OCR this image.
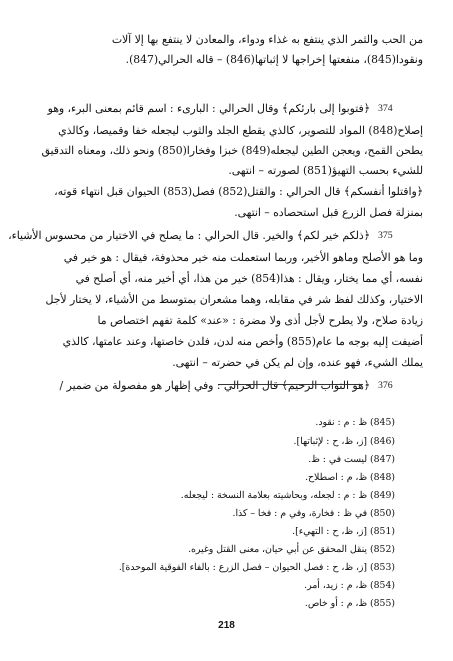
من الحب والثمر الذي ينتفع به غذاء ودواء، والمعادن لا ينتفع بها إلا آلات
ونقودا(845)، منفعتها إخراجها لا إثباتها(846) – قاله الحرالي(847).
374
﴿فتوبوا إلى بارئكم﴾ وقال الحرالي : البارىء : اسم قائم بمعنى البرء، وهو
إصلاح(848) المواد للتصوير، كالذي يقطع الجلد والثوب ليجعله خفا وقميصا، وكالذي
يطحن القمح، ويعجن الطين ليجعله(849) خبزا وفخارا(850) ونحو ذلك، ومعناه التدقيق
للشيء بحسب التهيؤ(851) لصورته – انتهى.
﴿واقتلوا أنفسكم﴾ قال الحرالي : والقتل(852) فصل(853) الحيوان قبل انتهاء قوته،
بمنزلة فصل الزرع قبل استحصاده – انتهى.
375
﴿ذلكم خير لكم﴾ والخير. قال الحرالي : ما يصلح في الاختيار من محسوس الأشياء،
وما هو الأصلح وماهو الأخير، وربما استعملت منه خير محذوفة، فيقال : هو خير في
نفسه، أي مما يختار، ويقال : هذا(854) خير من هذا، أي أخير منه، أي أصلح في
الاختيار، وكذلك لفظ شر في مقابله، وهما مشعران بمتوسط من الأشياء، لا يختار لأجل
زيادة صلاح، ولا يطرح لأجل أذى ولا مضرة : «عند» كلمة تفهم اختصاص ما
أضيفت إليه بوجه ما عام(855) وأخص منه لدن، فلدن خاصتها، وعند عامتها، كالذي
يملك الشيء، فهو عنده، وإن لم يكن في حضرته – انتهى.
376
﴿هو التواب الرحيم﴾ قال الحرالي : وفي إظهار هو مفصولة من ضمير /
(845) ظ : م : نقود.
(846) [ز، ظ، ح : لإثباتها].
(847) ليست في : ظ.
(848) ظ، م : اصطلاح.
(849) ظ : م : لجعله، وبحاشيته بعلامة النسخة : ليجعله.
(850) في ظ : فخارة، وفي م : فخا – كذا.
(851) [ز، ظ، ح : التهيء].
(852) ينقل المحقق عن أبي حيان، معنى القتل وغيره.
(853) [ز، ظ، ح : فصل الحيوان – فصل الزرع : بالفاء الفوقية الموحدة].
(854) ظ، م : زيد، أمر.
(855) ظ، م : أو خاص.
218
